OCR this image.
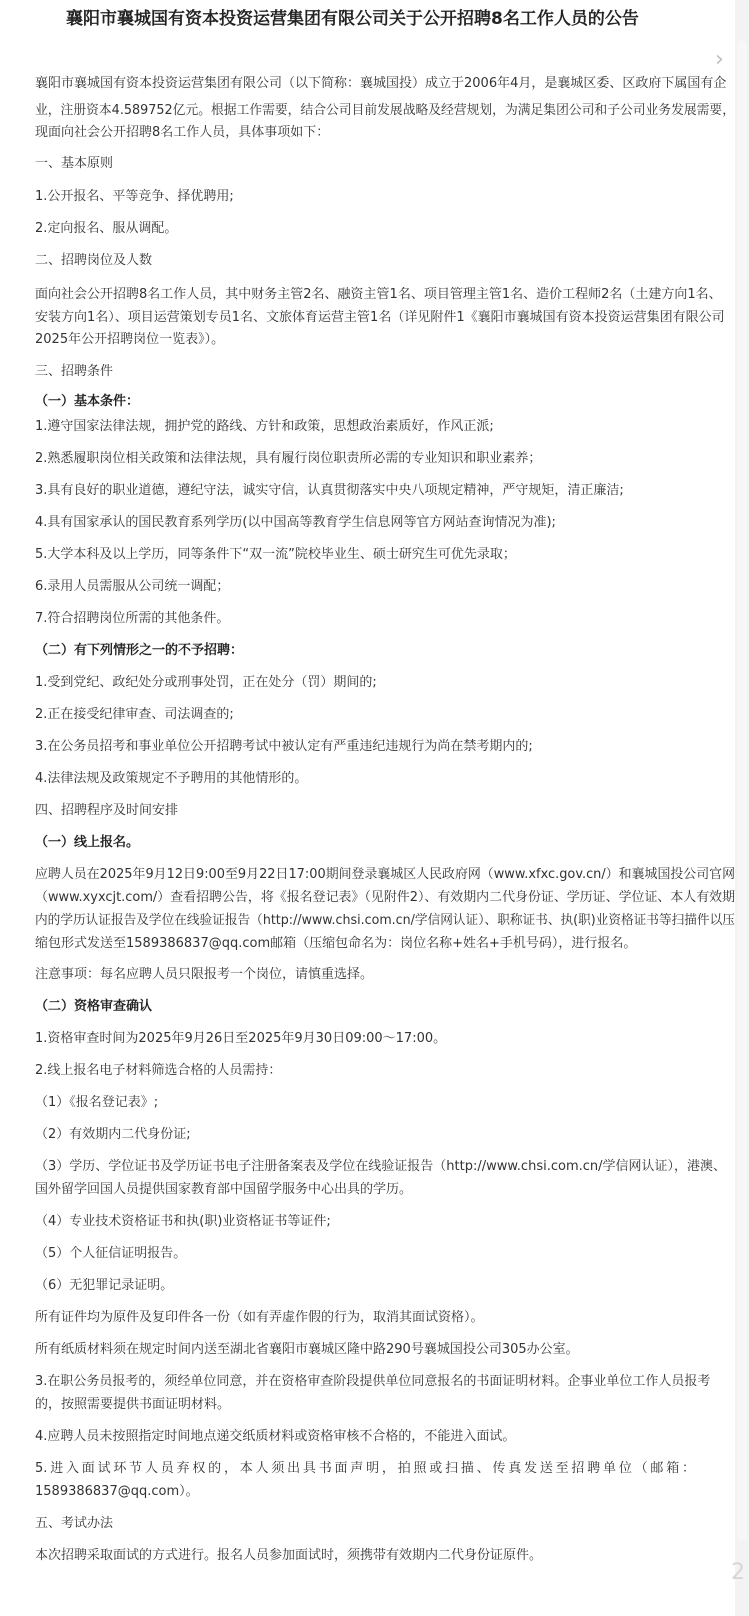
襄阳市襄城国有资本投资运营集团有限公司关于公开招聘8名工作人员的公告
襄阳市襄城国有资本投资运营集团有限公司（以下简称：襄城国投）成立于2006年4月，是襄城区委、区政府下属国有企
业，注册资本4.589752亿元。根据工作需要，结合公司目前发展战略及经营规划，为满足集团公司和子公司业务发展需要，
现面向社会公开招聘8名工作人员，具体事项如下：
一、基本原则
1.公开报名、平等竞争、择优聘用;
2.定向报名、服从调配。
二、招聘岗位及人数
面向社会公开招聘8名工作人员，其中财务主管2名、融资主管1名、项目管理主管1名、造价工程师2名（土建方向1名、
安装方向1名）、项目运营策划专员1名、文旅体育运营主管1名（详见附件1《襄阳市襄城国有资本投资运营集团有限公司
2025年公开招聘岗位一览表》）。
三、招聘条件
（一）基本条件：
1.遵守国家法律法规，拥护党的路线、方针和政策，思想政治素质好，作风正派;
2.熟悉履职岗位相关政策和法律法规，具有履行岗位职责所必需的专业知识和职业素养；
3.具有良好的职业道德，遵纪守法，诚实守信，认真贯彻落实中央八项规定精神，严守规矩，清正廉洁;
4.具有国家承认的国民教育系列学历(以中国高等教育学生信息网等官方网站查询情况为准);
5.大学本科及以上学历，同等条件下“双一流”院校毕业生、硕士研究生可优先录取；
6.录用人员需服从公司统一调配；
7.符合招聘岗位所需的其他条件。
（二）有下列情形之一的不予招聘：
1.受到党纪、政纪处分或刑事处罚，正在处分（罚）期间的;
2.正在接受纪律审查、司法调查的;
3.在公务员招考和事业单位公开招聘考试中被认定有严重违纪违规行为尚在禁考期内的;
4.法律法规及政策规定不予聘用的其他情形的。
四、招聘程序及时间安排
（一）线上报名。
应聘人员在2025年9月12日9:00至9月22日17:00期间登录襄城区人民政府网（www.xfxc.gov.cn/）和襄城国投公司官网
（www.xyxcjt.com/）查看招聘公告，将《报名登记表》（见附件2）、有效期内二代身份证、学历证、学位证、本人有效期
内的学历认证报告及学位在线验证报告（http://www.chsi.com.cn/学信网认证）、职称证书、执(职)业资格证书等扫描件以压
缩包形式发送至1589386837@qq.com邮箱（压缩包命名为：岗位名称+姓名+手机号码），进行报名。
注意事项：每名应聘人员只限报考一个岗位，请慎重选择。
（二）资格审查确认
1.资格审查时间为2025年9月26日至2025年9月30日09:00～17:00。
2.线上报名电子材料筛选合格的人员需持：
（1）《报名登记表》;
（2）有效期内二代身份证;
（3）学历、学位证书及学历证书电子注册备案表及学位在线验证报告（http://www.chsi.com.cn/学信网认证），港澳、
国外留学回国人员提供国家教育部中国留学服务中心出具的学历。
（4）专业技术资格证书和执(职)业资格证书等证件;
（5）个人征信证明报告。
（6）无犯罪记录证明。
所有证件均为原件及复印件各一份（如有弄虚作假的行为，取消其面试资格）。
所有纸质材料须在规定时间内送至湖北省襄阳市襄城区隆中路290号襄城国投公司305办公室。
3.在职公务员报考的，须经单位同意，并在资格审查阶段提供单位同意报名的书面证明材料。企事业单位工作人员报考
的，按照需要提供书面证明材料。
4.应聘人员未按照指定时间地点递交纸质材料或资格审核不合格的，不能进入面试。
5.进入面试环节人员弃权的，本人须出具书面声明，拍照或扫描、传真发送至招聘单位（邮箱：
1589386837@qq.com）。
五、考试办法
本次招聘采取面试的方式进行。报名人员参加面试时，须携带有效期内二代身份证原件。
›
2
